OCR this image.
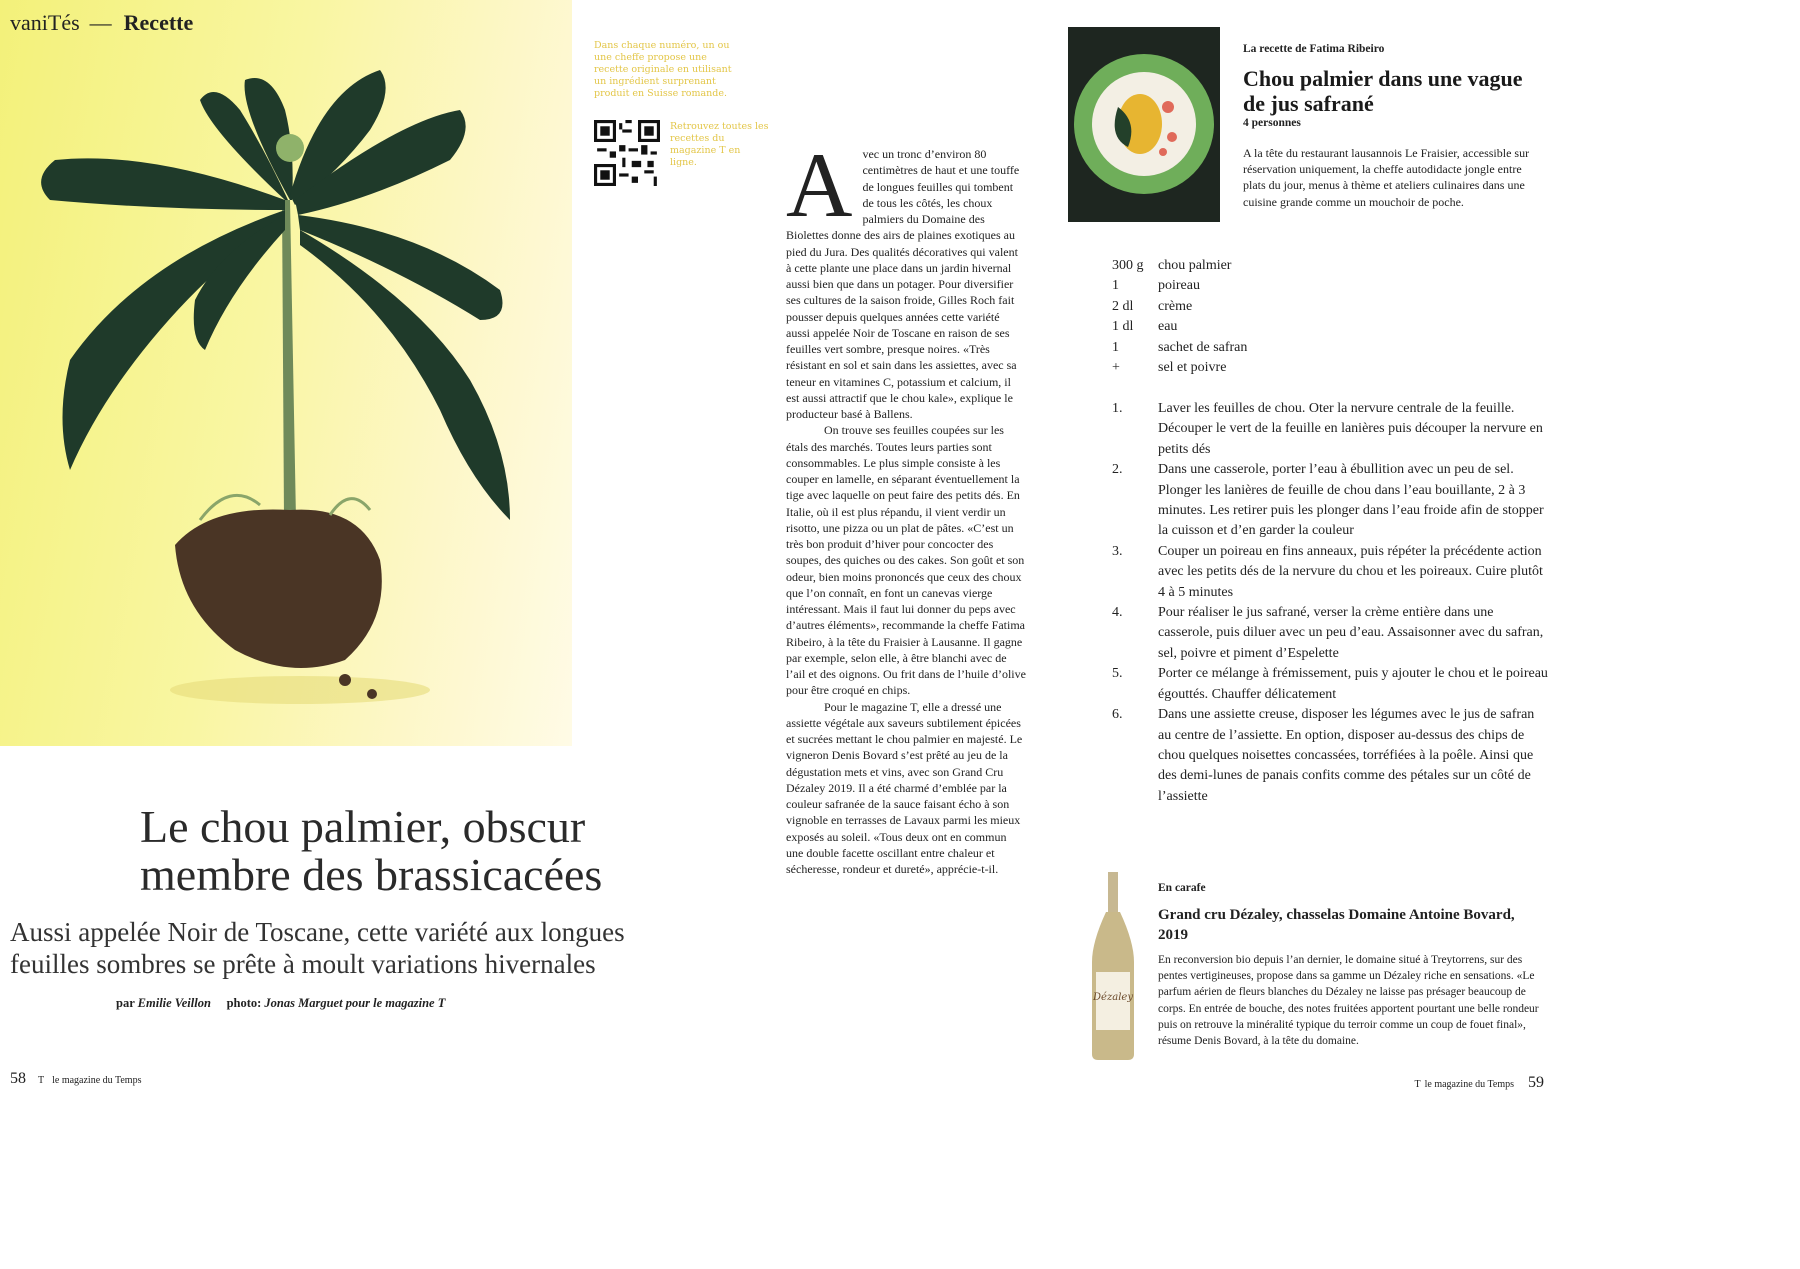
vaniTés — Recette
Dans chaque numéro, un ou une cheffe propose une recette originale en utilisant un ingrédient surprenant produit en Suisse romande.
Retrouvez toutes les recettes du magazine T en ligne.
Le chou palmier, obscur membre des brassicacées
Aussi appelée Noir de Toscane, cette variété aux longues feuilles sombres se prête à moult variations hivernales
par Emilie Veillon photo: Jonas Marguet pour le magazine T
58 T le magazine du Temps

Avec un tronc d’environ 80 centimètres de haut et une touffe de longues feuilles qui tombent de tous les côtés, les choux palmiers du Domaine des Biolettes donne des airs de plaines exotiques au pied du Jura. Des qualités décoratives qui valent à cette plante une place dans un jardin hivernal aussi bien que dans un potager. Pour diversifier ses cultures de la saison froide, Gilles Roch fait pousser depuis quelques années cette variété aussi appelée Noir de Toscane en raison de ses feuilles vert sombre, presque noires. «Très résistant en sol et sain dans les assiettes, avec sa teneur en vitamines C, potassium et calcium, il est aussi attractif que le chou kale», explique le producteur basé à Ballens.

On trouve ses feuilles coupées sur les étals des marchés. Toutes leurs parties sont consommables. Le plus simple consiste à les couper en lamelle, en séparant éventuellement la tige avec laquelle on peut faire des petits dés. En Italie, où il est plus répandu, il vient verdir un risotto, une pizza ou un plat de pâtes. «C’est un très bon produit d’hiver pour concocter des soupes, des quiches ou des cakes. Son goût et son odeur, bien moins prononcés que ceux des choux que l’on connaît, en font un canevas vierge intéressant. Mais il faut lui donner du peps avec d’autres éléments», recommande la cheffe Fatima Ribeiro, à la tête du Fraisier à Lausanne. Il gagne par exemple, selon elle, à être blanchi avec de l’ail et des oignons. Ou frit dans de l’huile d’olive pour être croqué en chips.

Pour le magazine T, elle a dressé une assiette végétale aux saveurs subtilement épicées et sucrées mettant le chou palmier en majesté. Le vigneron Denis Bovard s’est prêté au jeu de la dégustation mets et vins, avec son Grand Cru Dézaley 2019. Il a été charmé d’emblée par la couleur safranée de la sauce faisant écho à son vignoble en terrasses de Lavaux parmi les mieux exposés au soleil. «Tous deux ont en commun une double facette oscillant entre chaleur et sécheresse, rondeur et dureté», apprécie-t-il.

La recette de Fatima Ribeiro
Chou palmier dans une vague de jus safrané
4 personnes
A la tête du restaurant lausannois Le Fraisier, accessible sur réservation uniquement, la cheffe autodidacte jongle entre plats du jour, menus à thème et ateliers culinaires dans une cuisine grande comme un mouchoir de poche.
300 g	chou palmier
1	poireau
2 dl	crème
1 dl	eau
1	sachet de safran
+	sel et poivre
1.	Laver les feuilles de chou. Oter la nervure centrale de la feuille. Découper le vert de la feuille en lanières puis découper la nervure en petits dés
2.	Dans une casserole, porter l’eau à ébullition avec un peu de sel. Plonger les lanières de feuille de chou dans l’eau bouillante, 2 à 3 minutes. Les retirer puis les plonger dans l’eau froide afin de stopper la cuisson et d’en garder la couleur
3.	Couper un poireau en fins anneaux, puis répéter la précédente action avec les petits dés de la nervure du chou et les poireaux. Cuire plutôt 4 à 5 minutes
4.	Pour réaliser le jus safrané, verser la crème entière dans une casserole, puis diluer avec un peu d’eau. Assaisonner avec du safran, sel, poivre et piment d’Espelette
5.	Porter ce mélange à frémissement, puis y ajouter le chou et le poireau égouttés. Chauffer délicatement
6.	Dans une assiette creuse, disposer les légumes avec le jus de safran au centre de l’assiette. En option, disposer au-dessus des chips de chou quelques noisettes concassées, torréfiées à la poêle. Ainsi que des demi-lunes de panais confits comme des pétales sur un côté de l’assiette
Dézaley
En carafe
Grand cru Dézaley, chasselas Domaine Antoine Bovard, 2019
En reconversion bio depuis l’an dernier, le domaine situé à Treytorrens, sur des pentes vertigineuses, propose dans sa gamme un Dézaley riche en sensations. «Le parfum aérien de fleurs blanches du Dézaley ne laisse pas présager beaucoup de corps. En entrée de bouche, des notes fruitées apportent pourtant une belle rondeur puis on retrouve la minéralité typique du terroir comme un coup de fouet final», résume Denis Bovard, à la tête du domaine.
T le magazine du Temps 59
